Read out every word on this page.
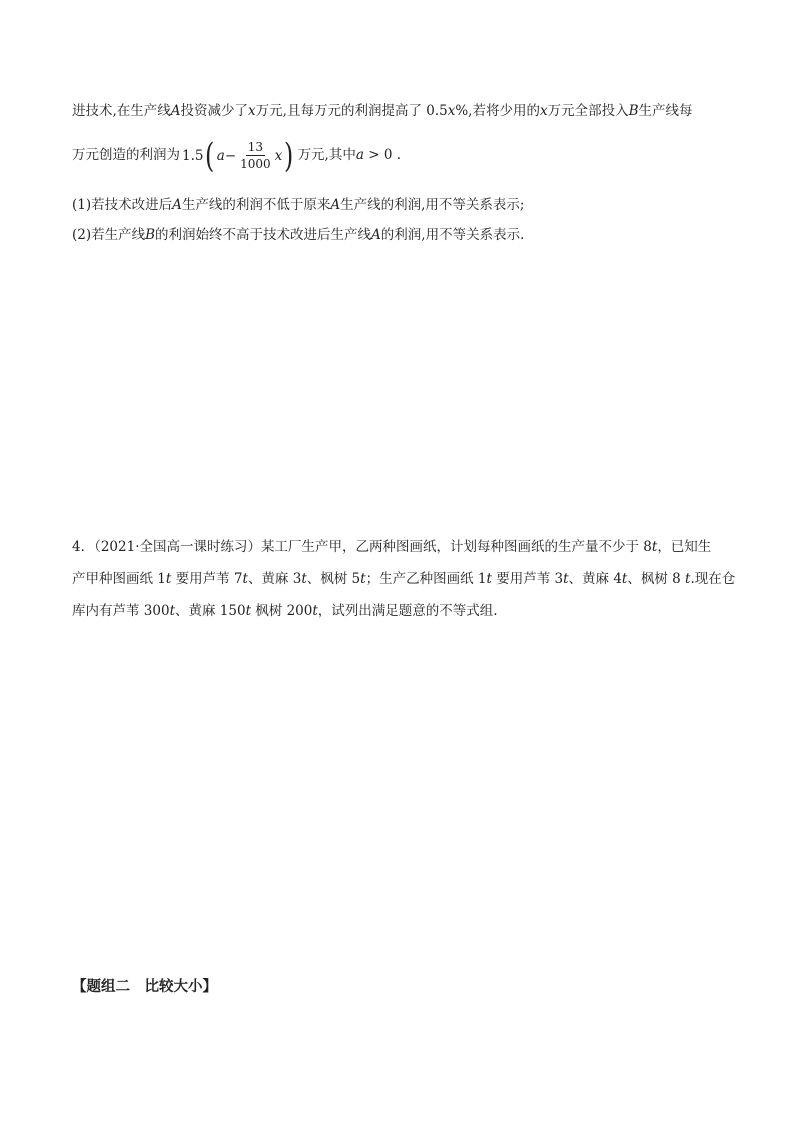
进技术,在生产线A投资减少了x万元,且每万元的利润提高了 0.5x%,若将少用的x万元全部投入B生产线每
万元创造的利润为 1.5 ( $a - \frac{13}{1000}$ x ) 万元,其中a > 0 .
(1)若技术改进后A生产线的利润不低于原来A生产线的利润,用不等关系表示;
(2)若生产线B的利润始终不高于技术改进后生产线A的利润,用不等关系表示.
4．（2021·全国高一课时练习）某工厂生产甲，乙两种图画纸，计划每种图画纸的生产量不少于 8t，已知生
产甲种图画纸 1t 要用芦苇 7t、黄麻 3t、枫树 5t；生产乙种图画纸 1t 要用芦苇 3t、黄麻 4t、枫树 8 t.现在仓
库内有芦苇 300t、黄麻 150t 枫树 200t，试列出满足题意的不等式组.
【题组二　比较大小】
